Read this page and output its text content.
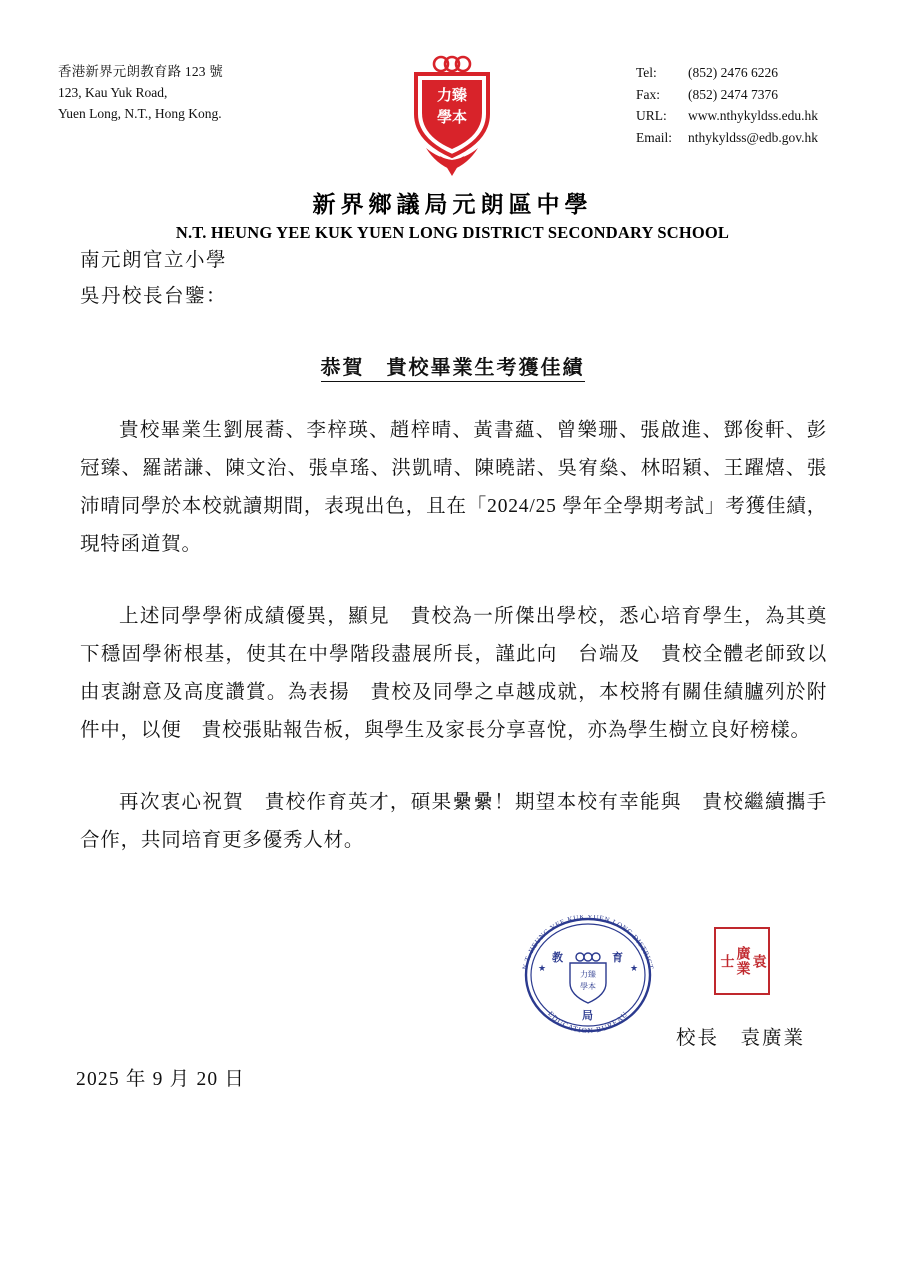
香港新界元朗教育路 123 號
123, Kau Yuk Road,
Yuen Long, N.T., Hong Kong.
力臻
學本
Tel:	(852) 2476 6226
Fax:	(852) 2474 7376
URL:	www.nthykyldss.edu.hk
Email:	nthykyldss@edb.gov.hk
新界鄉議局元朗區中學
N.T. HEUNG YEE KUK YUEN LONG DISTRICT SECONDARY SCHOOL
南元朗官立小學
吳丹校長台鑒：
恭賀　貴校畢業生考獲佳績

貴校畢業生劉展蕎、李梓瑛、趙梓晴、黃書蘊、曾樂珊、張啟進、鄧俊軒、彭冠臻、羅諾謙、陳文治、張卓瑤、洪凱晴、陳曉諾、吳宥燊、林昭穎、王躍熺、張沛晴同學於本校就讀期間，表現出色，且在「2024/25 學年全學期考試」考獲佳績，現特函道賀。

上述同學學術成績優異，顯見　貴校為一所傑出學校，悉心培育學生，為其奠下穩固學術根基，使其在中學階段盡展所長，謹此向　台端及　貴校全體老師致以由衷謝意及高度讚賞。為表揚　貴校及同學之卓越成就，本校將有關佳績臚列於附件中，以便　貴校張貼報告板，與學生及家長分享喜悅，亦為學生樹立良好榜樣。

再次衷心祝賀　貴校作育英才，碩果纍纍！期望本校有幸能與　貴校繼續攜手合作，共同培育更多優秀人材。

★	★
N.T. HEUNG YEE KUK YUEN LONG DISTRICT
EDUCATION BUREAU
力臻
學本
教	育
局
袁
廣業
士
校長　袁廣業
2025 年 9 月 20 日
